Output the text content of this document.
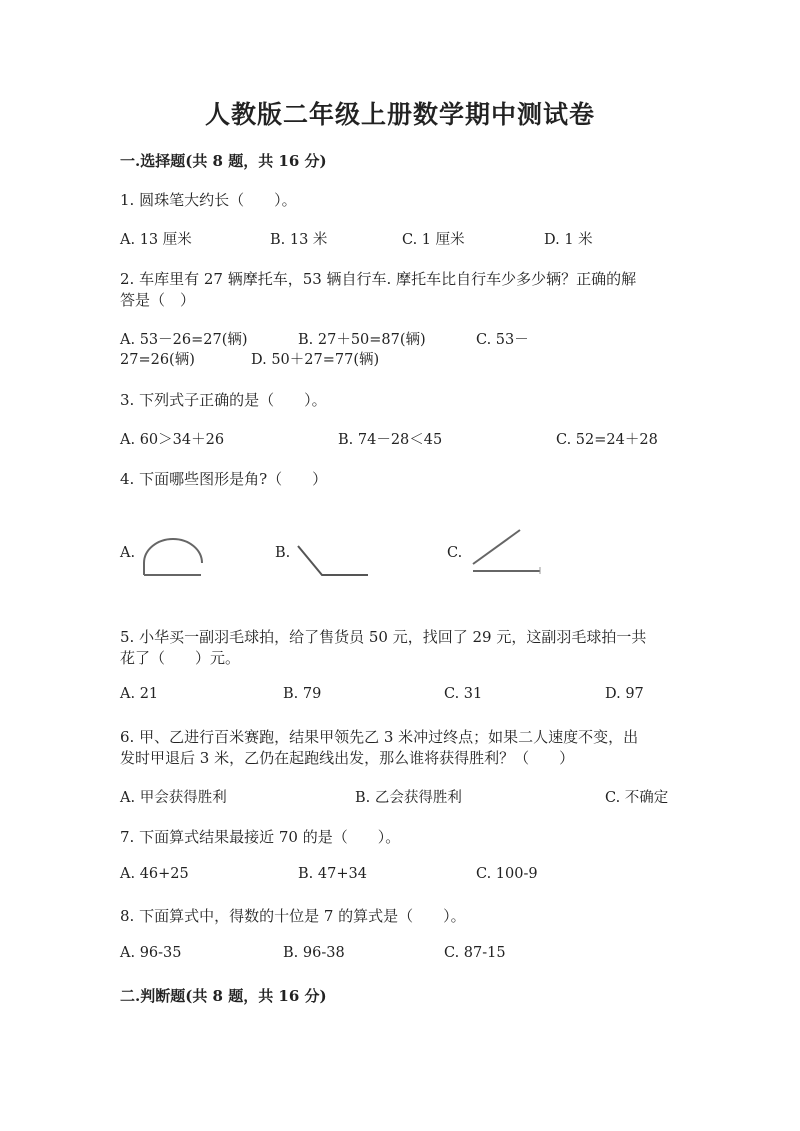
人教版二年级上册数学期中测试卷
一.选择题(共 8 题，共 16 分)
1. 圆珠笔大约长（　　）。
A. 13 厘米	B. 13 米	C. 1 厘米	D. 1 米
2. 车库里有 27 辆摩托车，53 辆自行车. 摩托车比自行车少多少辆？正确的解
答是（　）
A. 53－26=27(辆)	B. 27＋50=87(辆)	C. 53－
27=26(辆)	D. 50＋27=77(辆)
3. 下列式子正确的是（　　）。
A. 60＞34＋26	B. 74－28＜45	C. 52=24＋28
4. 下面哪些图形是角?（　　）
A.	B.	C.
5. 小华买一副羽毛球拍，给了售货员 50 元，找回了 29 元，这副羽毛球拍一共
花了（　　）元。
A. 21	B. 79	C. 31	D. 97
6. 甲、乙进行百米赛跑，结果甲领先乙 3 米冲过终点；如果二人速度不变，出
发时甲退后 3 米，乙仍在起跑线出发，那么谁将获得胜利？（　　）
A. 甲会获得胜利	B. 乙会获得胜利	C. 不确定
7. 下面算式结果最接近 70 的是（　　）。
A. 46+25	B. 47+34	C. 100-9
8. 下面算式中，得数的十位是 7 的算式是（　　）。
A. 96-35	B. 96-38	C. 87-15
二.判断题(共 8 题，共 16 分)
